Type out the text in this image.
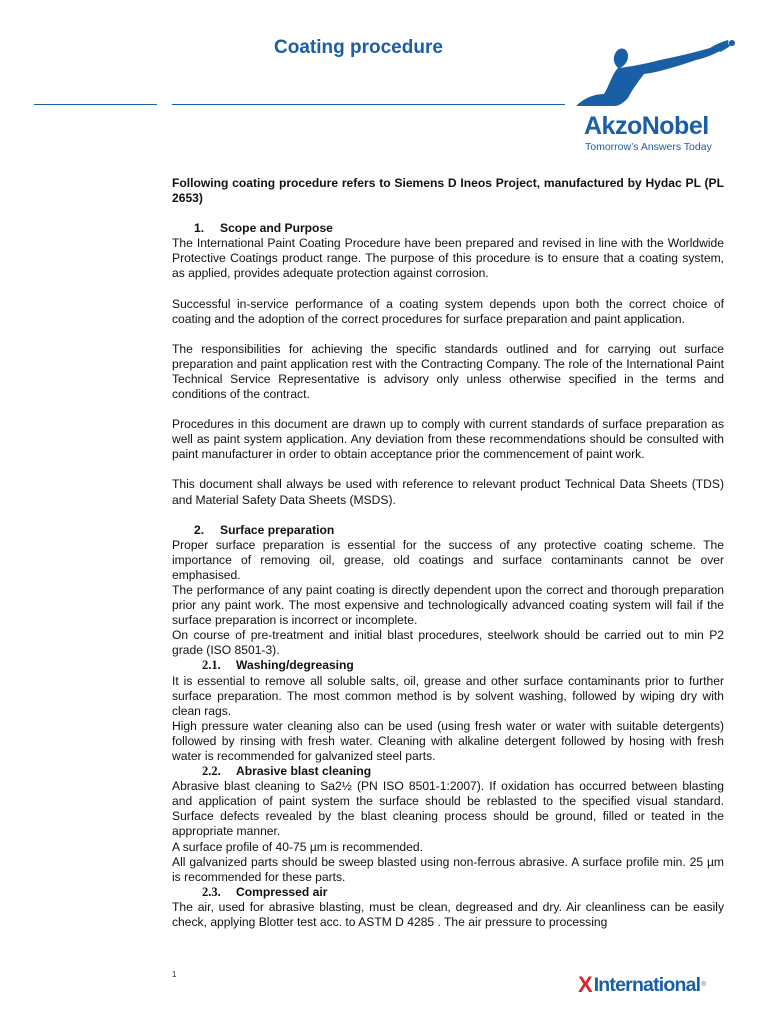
Coating procedure
AkzoNobel
Tomorrow’s Answers Today

Following coating procedure refers to Siemens D Ineos Project, manufactured by Hydac PL (PL 2653)

1. Scope and Purpose

The International Paint Coating Procedure have been prepared and revised in line with the Worldwide Protective Coatings product range. The purpose of this procedure is to ensure that a coating system, as applied, provides adequate protection against corrosion.

Successful in-service performance of a coating system depends upon both the correct choice of coating and the adoption of the correct procedures for surface preparation and paint application.

The responsibilities for achieving the specific standards outlined and for carrying out surface preparation and paint application rest with the Contracting Company. The role of the International Paint Technical Service Representative is advisory only unless otherwise specified in the terms and conditions of the contract.

Procedures in this document are drawn up to comply with current standards of surface preparation as well as paint system application. Any deviation from these recommendations should be consulted with paint manufacturer in order to obtain acceptance prior the commencement of paint work.

This document shall always be used with reference to relevant product Technical Data Sheets (TDS) and Material Safety Data Sheets (MSDS).

2. Surface preparation

Proper surface preparation is essential for the success of any protective coating scheme. The importance of removing oil, grease, old coatings and surface contaminants cannot be over emphasised.

The performance of any paint coating is directly dependent upon the correct and thorough preparation prior any paint work. The most expensive and technologically advanced coating system will fail if the surface preparation is incorrect or incomplete.

On course of pre-treatment and initial blast procedures, steelwork should be carried out to min P2 grade (ISO 8501-3).

2.1. Washing/degreasing

It is essential to remove all soluble salts, oil, grease and other surface contaminants prior to further surface preparation. The most common method is by solvent washing, followed by wiping dry with clean rags.

High pressure water cleaning also can be used (using fresh water or water with suitable detergents) followed by rinsing with fresh water. Cleaning with alkaline detergent followed by hosing with fresh water is recommended for galvanized steel parts.

2.2. Abrasive blast cleaning

Abrasive blast cleaning to Sa2½ (PN ISO 8501-1:2007). If oxidation has occurred between blasting and application of paint system the surface should be reblasted to the specified visual standard. Surface defects revealed by the blast cleaning process should be ground, filled or teated in the appropriate manner.

A surface profile of 40-75 µm is recommended.

All galvanized parts should be sweep blasted using non-ferrous abrasive. A surface profile min. 25 µm is recommended for these parts.

2.3. Compressed air

The air, used for abrasive blasting, must be clean, degreased and dry. Air cleanliness can be easily check, applying Blotter test acc. to ASTM D 4285 . The air pressure to processing

1	X International ®
